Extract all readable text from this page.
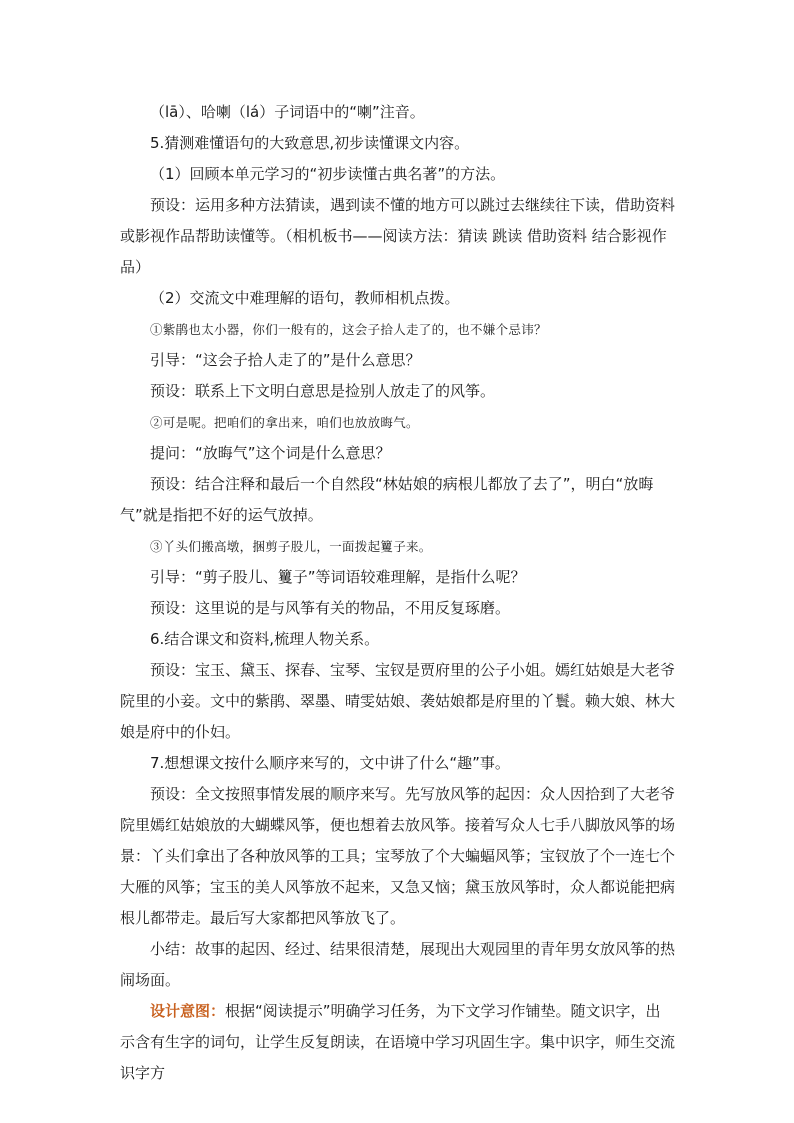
（lā）、哈喇（lá）子词语中的“喇”注音。

5.猜测难懂语句的大致意思,初步读懂课文内容。

（1）回顾本单元学习的“初步读懂古典名著”的方法。

预设：运用多种方法猜读，遇到读不懂的地方可以跳过去继续往下读，借助资料或影视作品帮助读懂等。（相机板书——阅读方法：猜读 跳读 借助资料 结合影视作品）

（2）交流文中难理解的语句，教师相机点拨。

①紫鹃也太小器，你们一般有的，这会子拾人走了的，也不嫌个忌讳？

引导：“这会子拾人走了的”是什么意思？

预设：联系上下文明白意思是捡别人放走了的风筝。

②可是呢。把咱们的拿出来，咱们也放放晦气。

提问：“放晦气”这个词是什么意思？

预设：结合注释和最后一个自然段“林姑娘的病根儿都放了去了”，明白“放晦气”就是指把不好的运气放掉。

③丫头们搬高墩，捆剪子股儿，一面拨起籰子来。

引导：“剪子股儿、籰子”等词语较难理解，是指什么呢？

预设：这里说的是与风筝有关的物品，不用反复琢磨。

6.结合课文和资料,梳理人物关系。

预设：宝玉、黛玉、探春、宝琴、宝钗是贾府里的公子小姐。嫣红姑娘是大老爷院里的小妾。文中的紫鹃、翠墨、晴雯姑娘、袭姑娘都是府里的丫鬟。赖大娘、林大娘是府中的仆妇。

7.想想课文按什么顺序来写的，文中讲了什么“趣”事。

预设：全文按照事情发展的顺序来写。先写放风筝的起因：众人因拾到了大老爷院里嫣红姑娘放的大蝴蝶风筝，便也想着去放风筝。接着写众人七手八脚放风筝的场景：丫头们拿出了各种放风筝的工具；宝琴放了个大蝙蝠风筝；宝钗放了个一连七个大雁的风筝；宝玉的美人风筝放不起来，又急又恼；黛玉放风筝时，众人都说能把病根儿都带走。最后写大家都把风筝放飞了。

小结：故事的起因、经过、结果很清楚，展现出大观园里的青年男女放风筝的热闹场面。

设计意图：根据“阅读提示”明确学习任务，为下文学习作铺垫。随文识字，出示含有生字的词句，让学生反复朗读，在语境中学习巩固生字。集中识字，师生交流识字方
